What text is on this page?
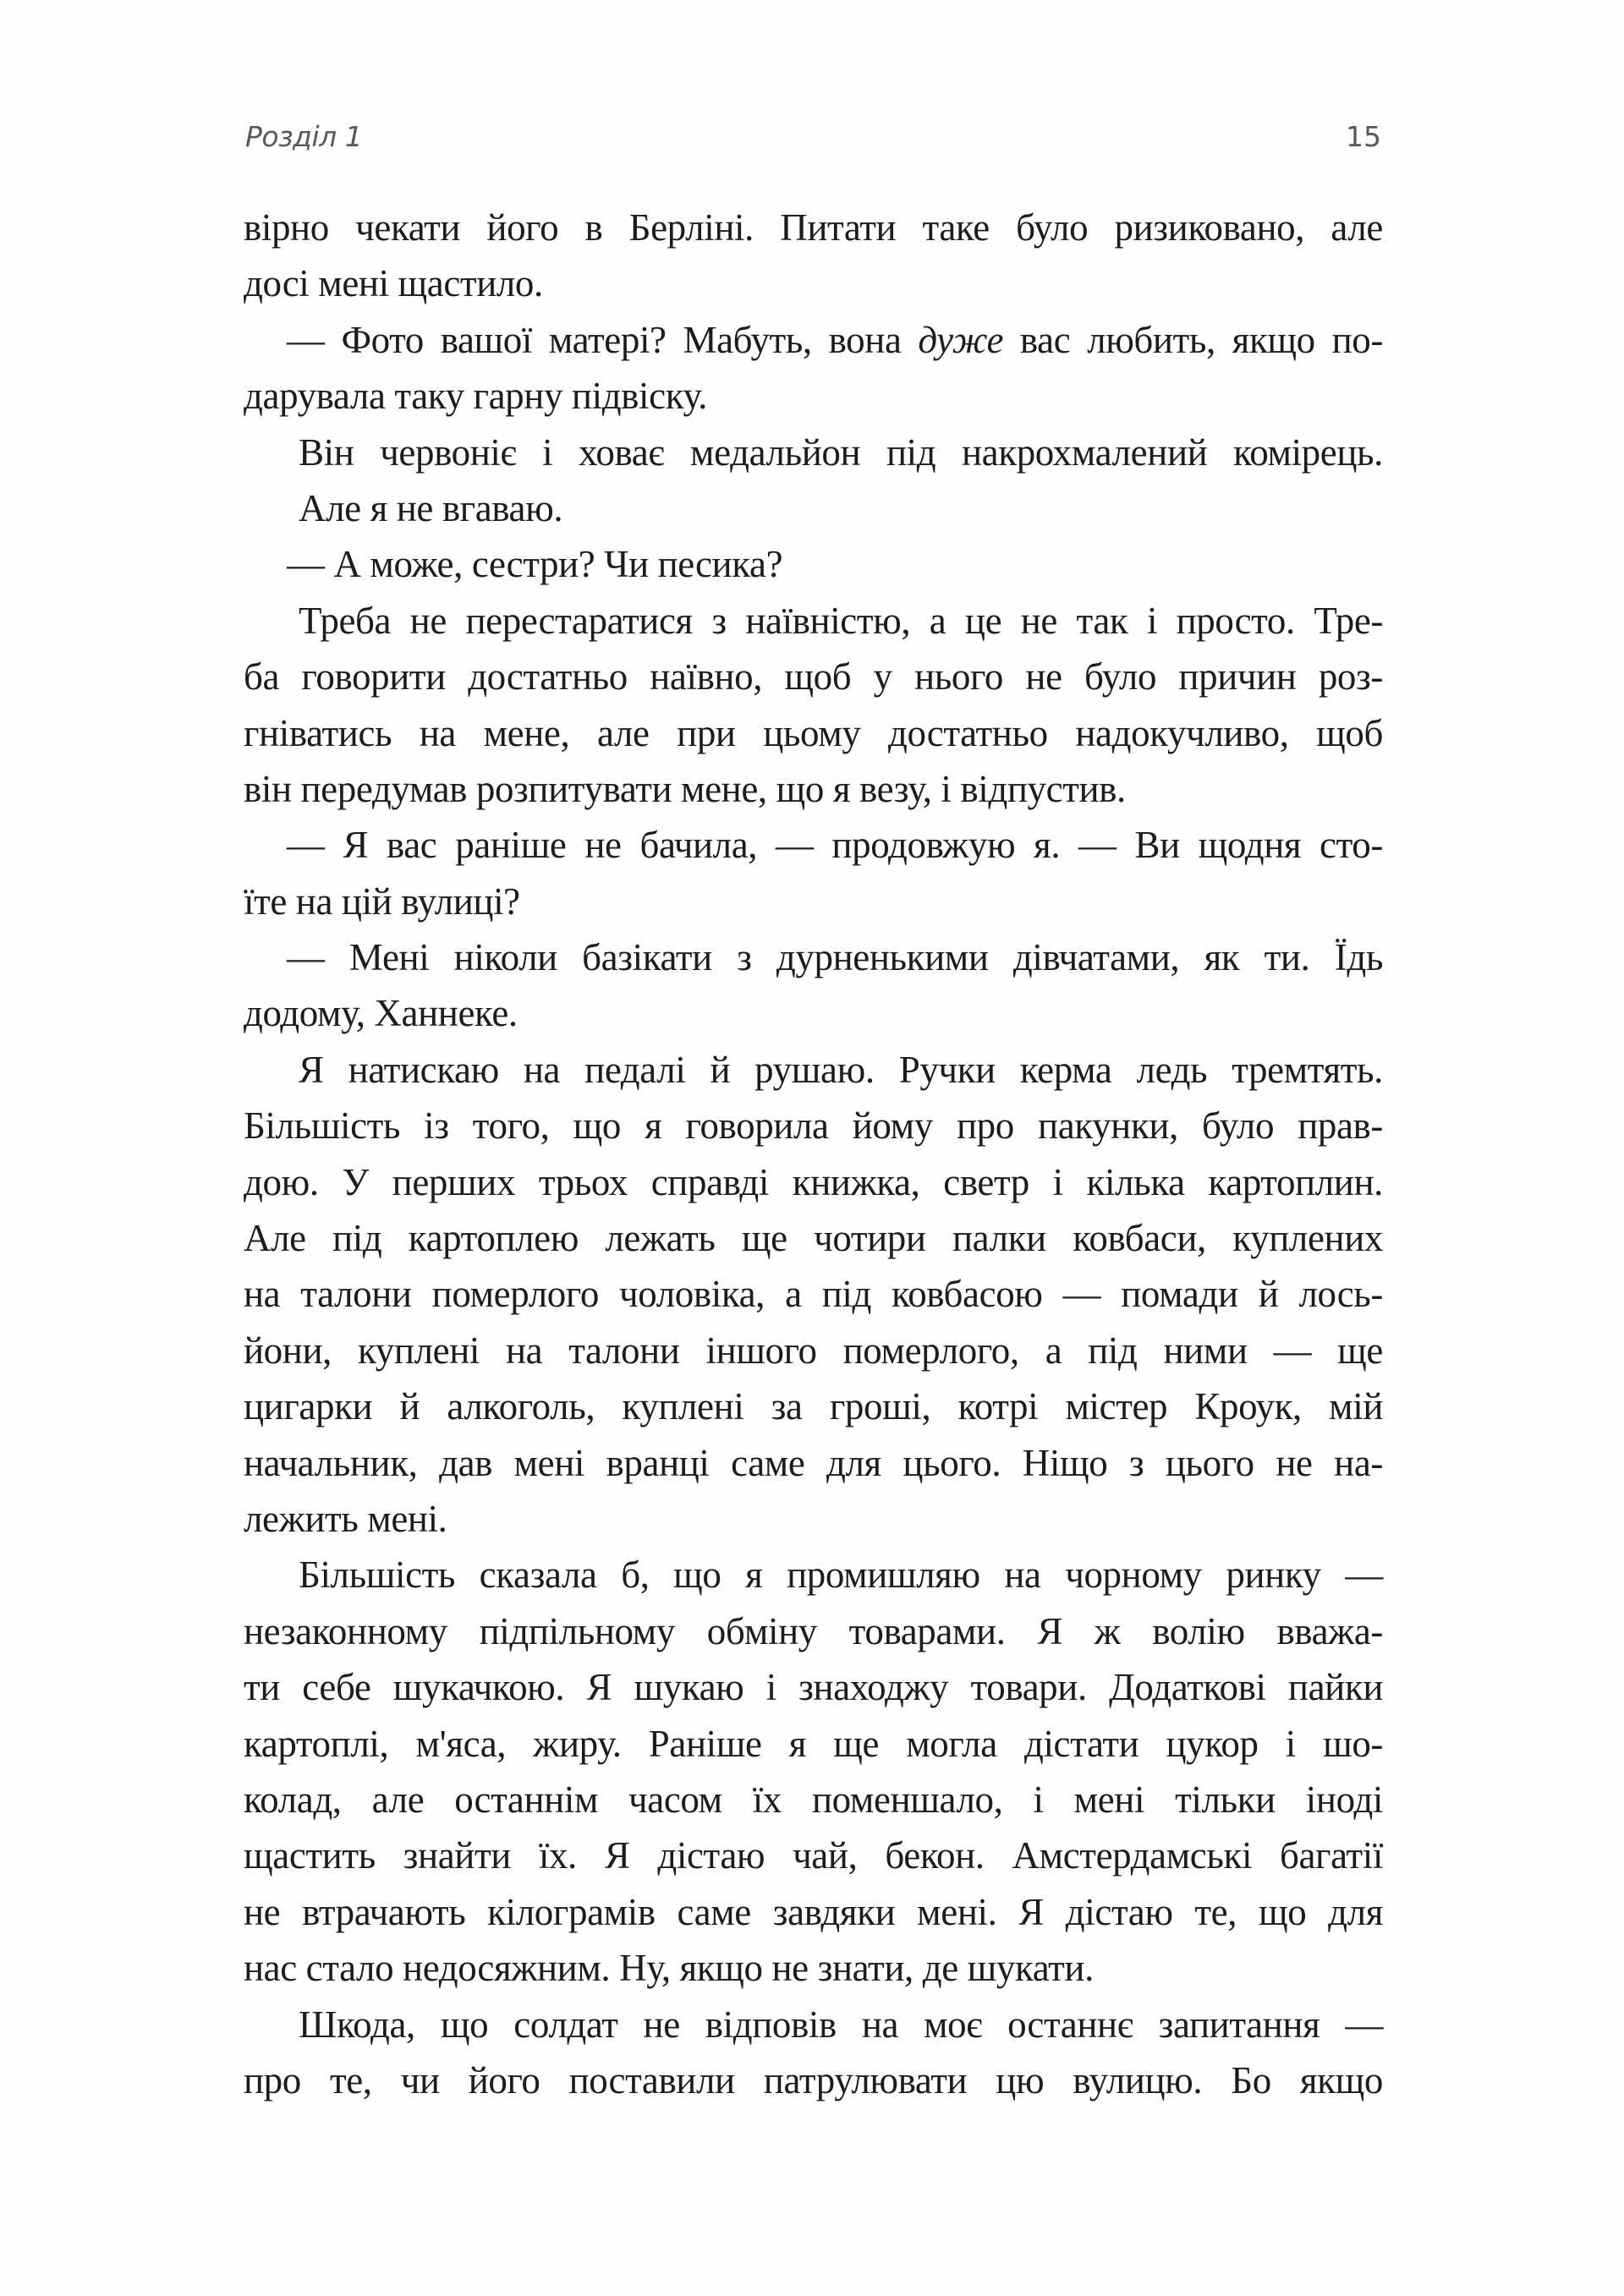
Розділ 1	15
вірно чекати його в Берліні. Питати таке було ризиковано, але
досі мені щастило.
— Фото вашої матері? Мабуть, вона дуже вас любить, якщо по-
дарувала таку гарну підвіску.
Він червоніє і ховає медальйон під накрохмалений комірець.
Але я не вгаваю.
— А може, сестри? Чи песика?
Треба не перестаратися з наївністю, а це не так і просто. Тре-
ба говорити достатньо наївно, щоб у нього не було причин роз-
гніватись на мене, але при цьому достатньо надокучливо, щоб
він передумав розпитувати мене, що я везу, і відпустив.
— Я вас раніше не бачила, — продовжую я. — Ви щодня сто-
їте на цій вулиці?
— Мені ніколи базікати з дурненькими дівчатами, як ти. Їдь
додому, Ханнеке.
Я натискаю на педалі й рушаю. Ручки керма ледь тремтять.
Більшість із того, що я говорила йому про пакунки, було прав-
дою. У перших трьох справді книжка, светр і кілька картоплин.
Але під картоплею лежать ще чотири палки ковбаси, куплених
на талони померлого чоловіка, а під ковбасою — помади й лось-
йони, куплені на талони іншого померлого, а під ними — ще
цигарки й алкоголь, куплені за гроші, котрі містер Кроук, мій
начальник, дав мені вранці саме для цього. Ніщо з цього не на-
лежить мені.
Більшість сказала б, що я промишляю на чорному ринку —
незаконному підпільному обміну товарами. Я ж волію вважа-
ти себе шукачкою. Я шукаю і знаходжу товари. Додаткові пайки
картоплі, м'яса, жиру. Раніше я ще могла дістати цукор і шо-
колад, але останнім часом їх поменшало, і мені тільки іноді
щастить знайти їх. Я дістаю чай, бекон. Амстердамські багатії
не втрачають кілограмів саме завдяки мені. Я дістаю те, що для
нас стало недосяжним. Ну, якщо не знати, де шукати.
Шкода, що солдат не відповів на моє останнє запитання —
про те, чи його поставили патрулювати цю вулицю. Бо якщо
